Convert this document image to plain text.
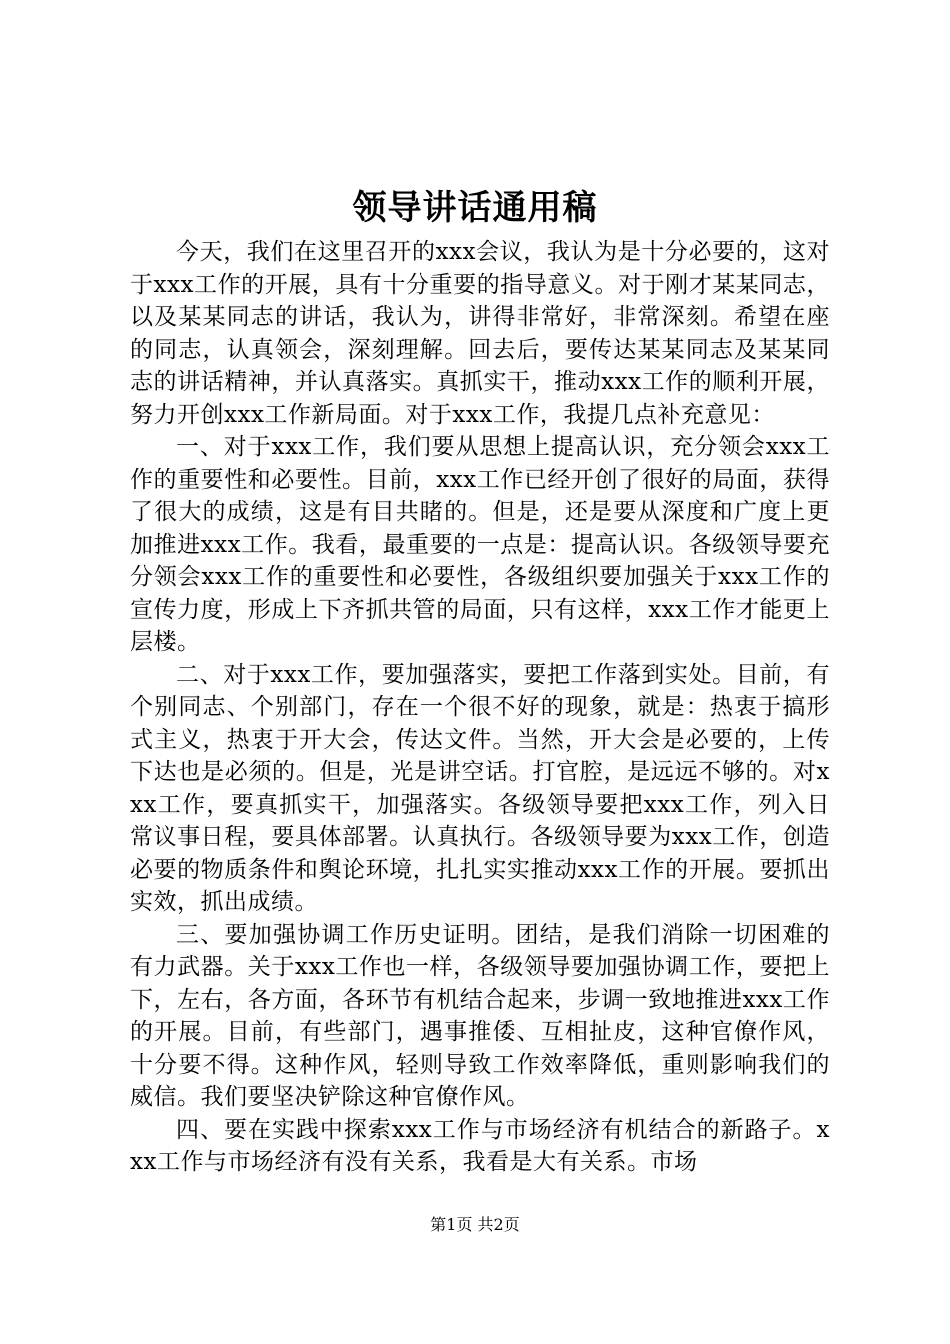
领导讲话通用稿

今天，我们在这里召开的xxx会议，我认为是十分必要的，这对于xxx工作的开展，具有十分重要的指导意义。对于刚才某某同志，以及某某同志的讲话，我认为，讲得非常好，非常深刻。希望在座的同志，认真领会，深刻理解。回去后，要传达某某同志及某某同志的讲话精神，并认真落实。真抓实干，推动xxx工作的顺利开展，努力开创xxx工作新局面。对于xxx工作，我提几点补充意见：

一、对于xxx工作，我们要从思想上提高认识，充分领会xxx工作的重要性和必要性。目前，xxx工作已经开创了很好的局面，获得了很大的成绩，这是有目共睹的。但是，还是要从深度和广度上更加推进xxx工作。我看，最重要的一点是：提高认识。各级领导要充分领会xxx工作的重要性和必要性，各级组织要加强关于xxx工作的宣传力度，形成上下齐抓共管的局面，只有这样，xxx工作才能更上层楼。

二、对于xxx工作，要加强落实，要把工作落到实处。目前，有个别同志、个别部门，存在一个很不好的现象，就是：热衷于搞形式主义，热衷于开大会，传达文件。当然，开大会是必要的，上传下达也是必须的。但是，光是讲空话。打官腔，是远远不够的。对xxx工作，要真抓实干，加强落实。各级领导要把xxx工作，列入日常议事日程，要具体部署。认真执行。各级领导要为xxx工作，创造必要的物质条件和舆论环境，扎扎实实推动xxx工作的开展。要抓出实效，抓出成绩。

三、要加强协调工作历史证明。团结，是我们消除一切困难的有力武器。关于xxx工作也一样，各级领导要加强协调工作，要把上下，左右，各方面，各环节有机结合起来，步调一致地推进xxx工作的开展。目前，有些部门，遇事推倭、互相扯皮，这种官僚作风，十分要不得。这种作风，轻则导致工作效率降低，重则影响我们的威信。我们要坚决铲除这种官僚作风。

四、要在实践中探索xxx工作与市场经济有机结合的新路子。xxx工作与市场经济有没有关系，我看是大有关系。市场

第1页 共2页
